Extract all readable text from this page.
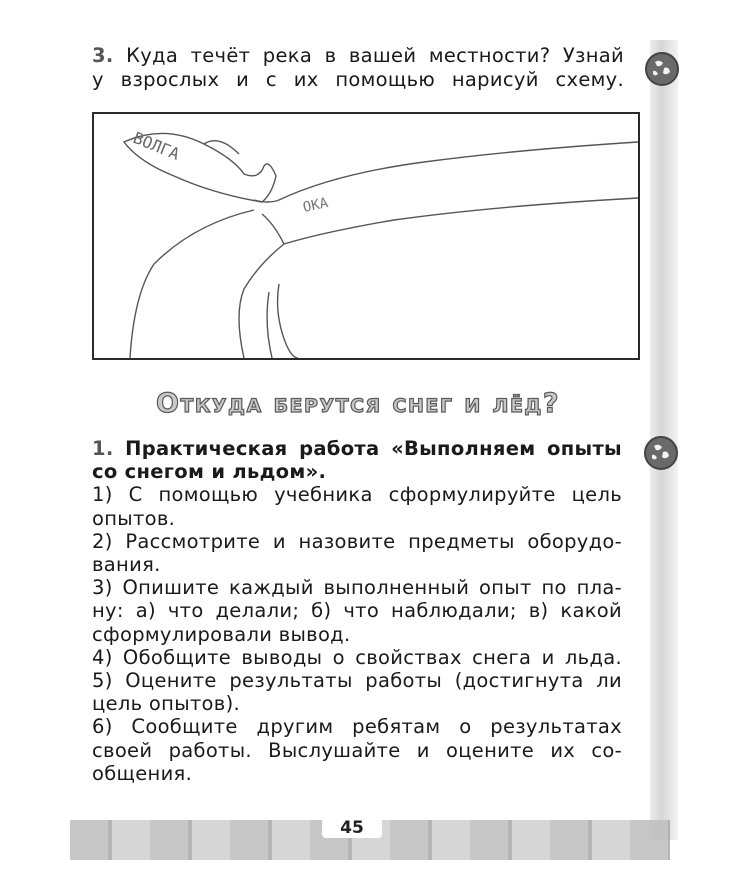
3. Куда течёт река в вашей местности? Узнай
у взрослых и с их помощью нарисуй схему.
ВОЛГА
ОКА
Откуда берутся снег и лёд?
1. Практическая работа «Выполняем опыты
со снегом и льдом».
1) С помощью учебника сформулируйте цель
опытов.
2) Рассмотрите и назовите предметы оборудо-
вания.
3) Опишите каждый выполненный опыт по пла-
ну: а) что делали; б) что наблюдали; в) какой
сформулировали вывод.
4) Обобщите выводы о свойствах снега и льда.
5) Оцените результаты работы (достигнута ли
цель опытов).
6) Сообщите другим ребятам о результатах
своей работы. Выслушайте и оцените их со-
общения.
45
